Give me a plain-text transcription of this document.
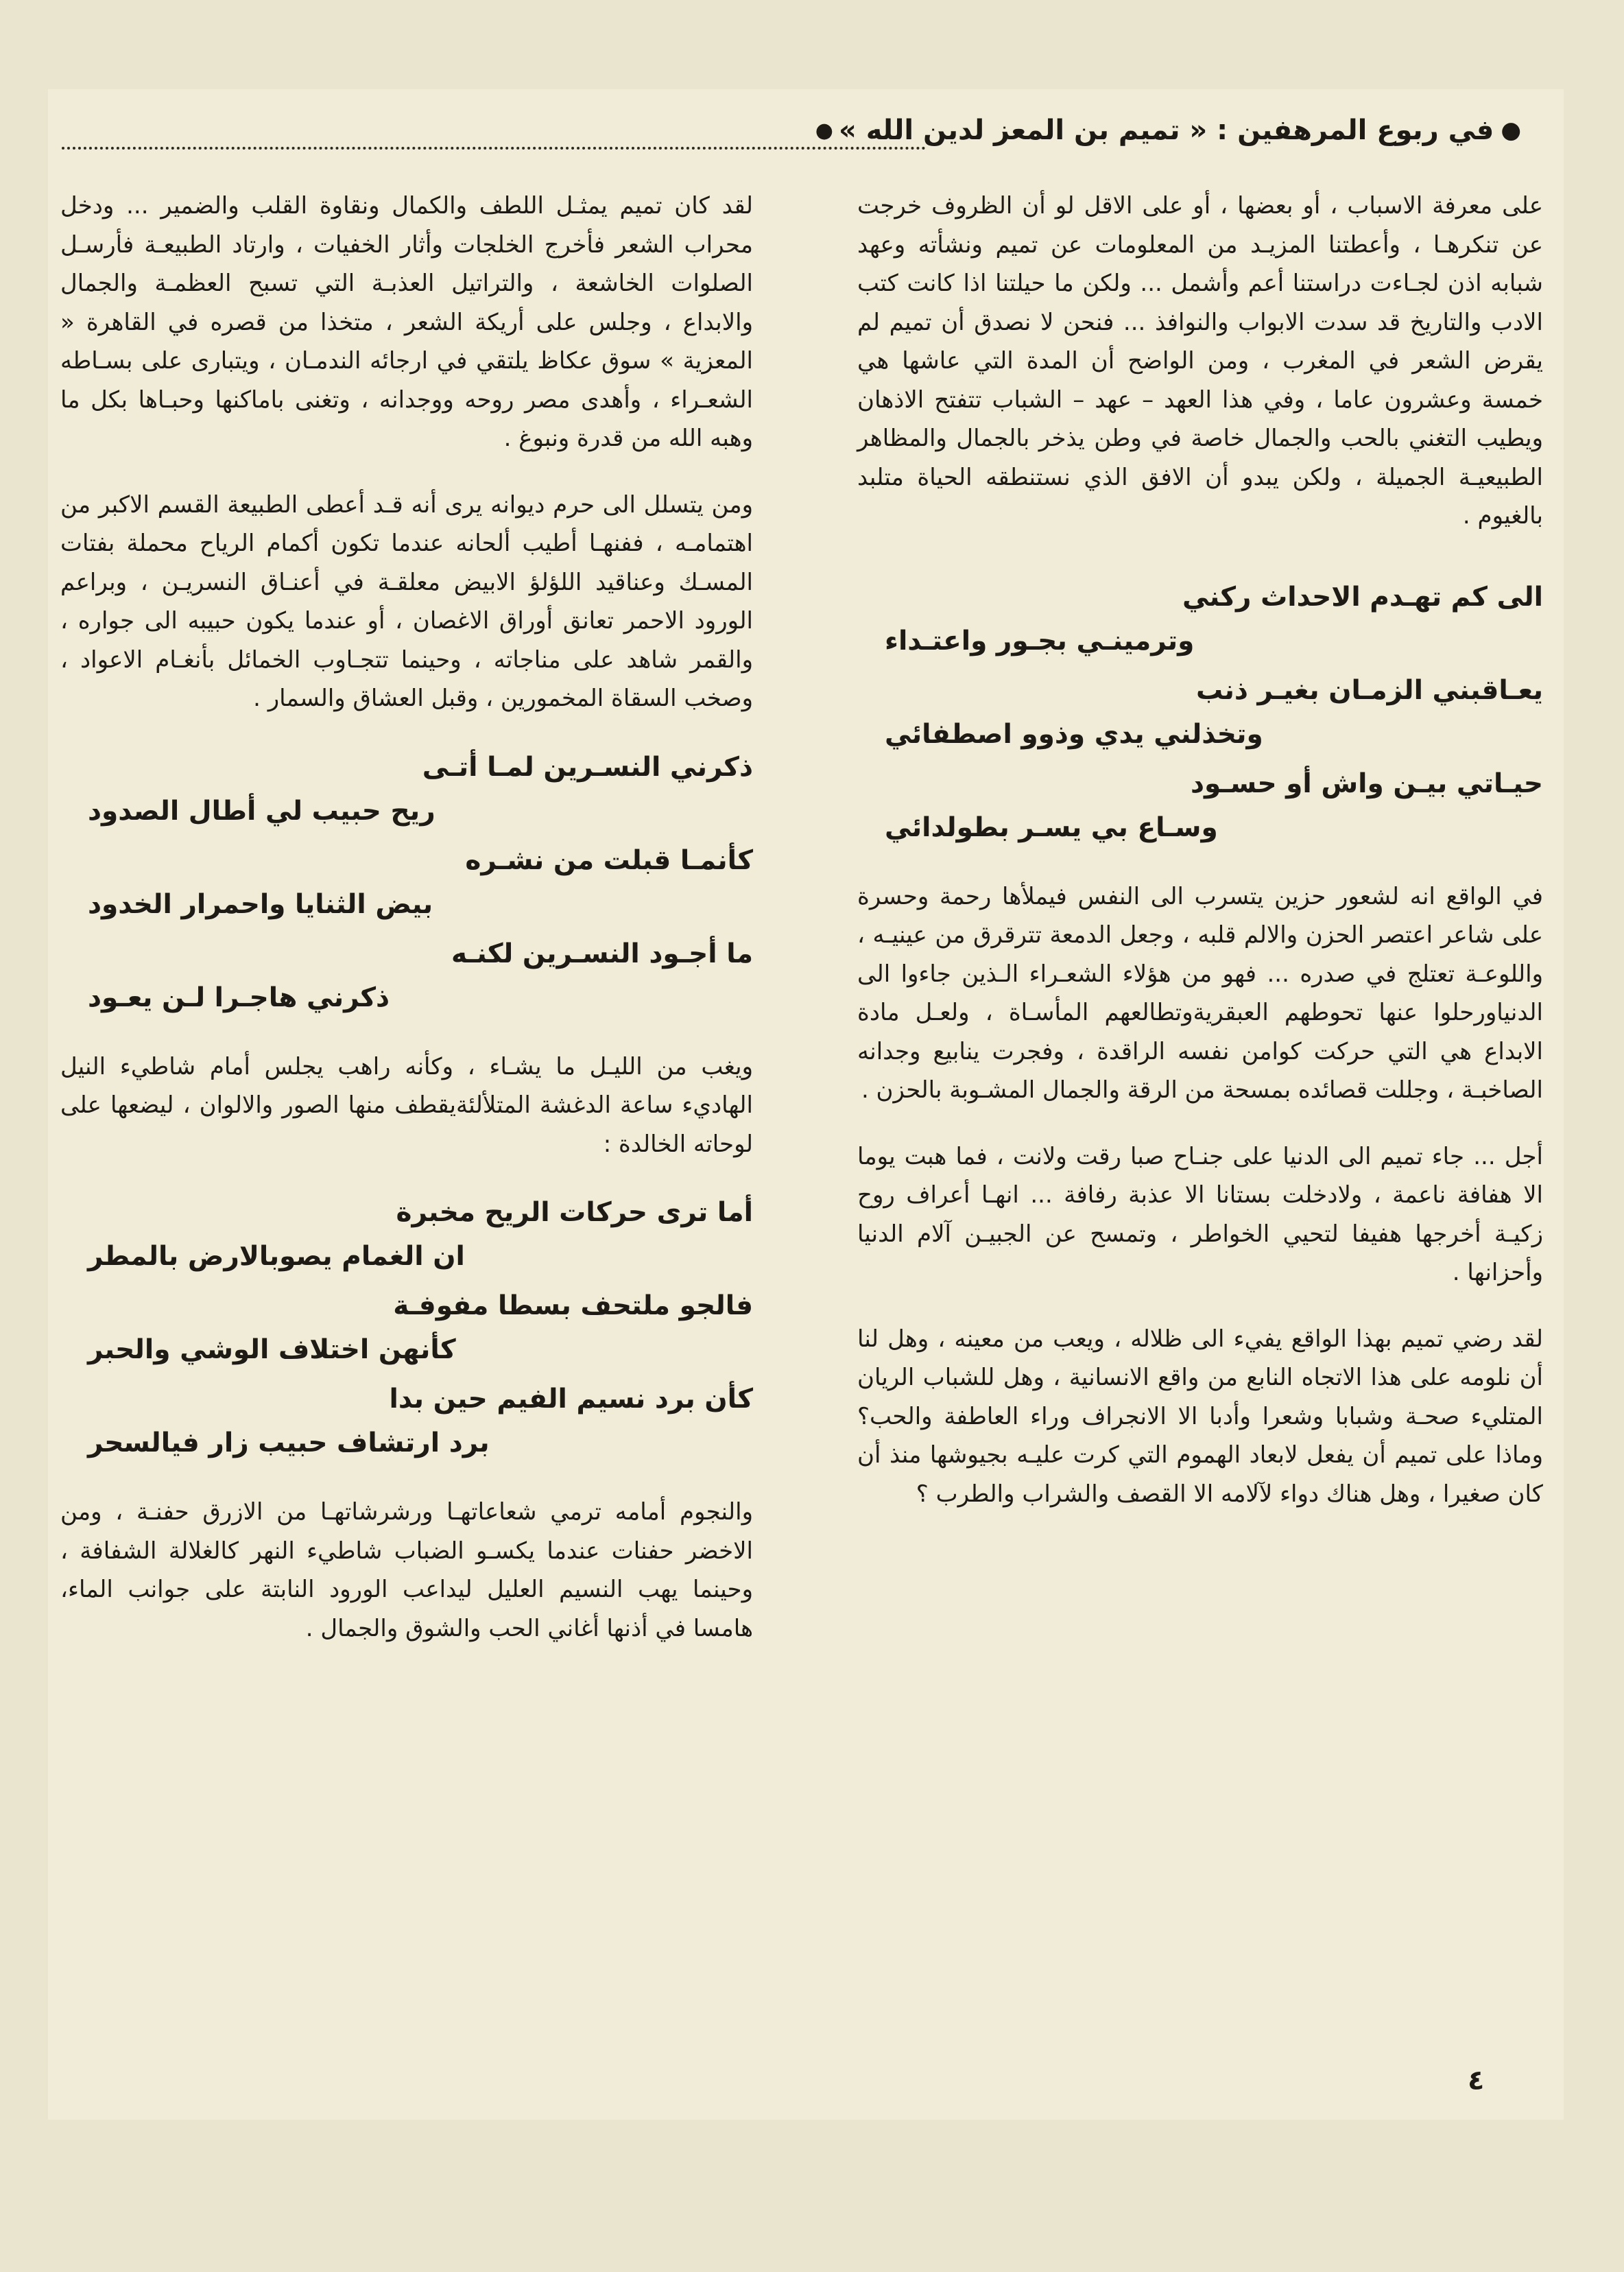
●
في ربوع المرهفين : « تميم بن المعز لدين الله »
●

على معرفة الاسباب ، أو بعضها ، أو على الاقل لو أن الظروف خرجت عن تنكرهـا ، وأعطتنا المزيـد من المعلومات عن تميم ونشأته وعهد شبابه اذن لجـاءت دراستنا أعم وأشمل ... ولكن ما حيلتنا اذا كانت كتب الادب والتاريخ قد سدت الابواب والنوافذ ... فنحن لا نصدق أن تميم لم يقرض الشعر في المغرب ، ومن الواضح أن المدة التي عاشها هي خمسة وعشرون عاما ، وفي هذا العهد – عهد – الشباب تتفتح الاذهان ويطيب التغني بالحب والجمال خاصة في وطن يذخر بالجمال والمظاهر الطبيعيـة الجميلة ، ولكن يبدو أن الافق الذي نستنطقه الحياة متلبد بالغيوم .

الى كم تهـدم الاحداث ركني

وترمينـي بجـور واعتـداء

يعـاقبني الزمـان بغيـر ذنب

وتخذلني يدي وذوو اصطفائي

حيـاتي بيـن واش أو حسـود

وسـاع بي يسـر بطولدائي

في الواقع انه لشعور حزين يتسرب الى النفس فيملأها رحمة وحسرة على شاعر اعتصر الحزن والالم قلبه ، وجعل الدمعة تترقرق من عينيـه ، واللوعـة تعتلج في صدره ... فهو من هؤلاء الشعـراء الـذين جاءوا الى الدنياورحلوا عنها تحوطهم العبقريةوتطالعهم المأسـاة ، ولعـل مادة الابداع هي التي حركت كوامن نفسه الراقدة ، وفجرت ينابيع وجدانه الصاخبـة ، وجللت قصائده بمسحة من الرقة والجمال المشـوبة بالحزن .

أجل ... جاء تميم الى الدنيا على جنـاح صبا رقت ولانت ، فما هبت يوما الا هفافة ناعمة ، ولادخلت بستانا الا عذبة رفافة ... انهـا أعراف روح زكيـة أخرجها هفيفا لتحيي الخواطر ، وتمسح عن الجبيـن آلام الدنيا وأحزانها .

لقد رضي تميم بهذا الواقع يفيء الى ظلاله ، ويعب من معينه ، وهل لنا أن نلومه على هذا الاتجاه النابع من واقع الانسانية ، وهل للشباب الريان المتليء صحـة وشبابا وشعرا وأدبا الا الانجراف وراء العاطفة والحب؟ وماذا على تميم أن يفعل لابعاد الهموم التي كرت عليـه بجيوشها منذ أن كان صغيرا ، وهل هناك دواء لآلامه الا القصف والشراب والطرب ؟

لقد كان تميم يمثـل اللطف والكمال ونقاوة القلب والضمير ... ودخل محراب الشعر فأخرج الخلجات وأثار الخفيات ، وارتاد الطبيعـة فأرسـل الصلوات الخاشعة ، والتراتيل العذبـة التي تسبح العظمـة والجمال والابداع ، وجلس على أريكة الشعر ، متخذا من قصره في القاهرة « المعزية » سوق عكاظ يلتقي في ارجائه الندمـان ، ويتبارى على بسـاطه الشعـراء ، وأهدى مصر روحه ووجدانه ، وتغنى باماكنها وحبـاها بكل ما وهبه الله من قدرة ونبوغ .

ومن يتسلل الى حرم ديوانه يرى أنه قـد أعطى الطبيعة القسم الاكبر من اهتمامـه ، ففنهـا أطيب ألحانه عندما تكون أكمام الرياح محملة بفتات المسـك وعناقيد اللؤلؤ الابيض معلقـة في أعنـاق النسريـن ، وبراعم الورود الاحمر تعانق أوراق الاغصان ، أو عندما يكون حبيبه الى جواره ، والقمر شاهد على مناجاته ، وحينما تتجـاوب الخمائل بأنغـام الاعواد ، وصخب السقاة المخمورين ، وقبل العشاق والسمار .

ذكرني النسـرين لمـا أتـى

ريح حبيب لي أطال الصدود

كأنمـا قبلت من نشـره

بيض الثنايا واحمرار الخدود

ما أجـود النسـرين لكنـه

ذكرني هاجـرا لـن يعـود

ويغب من الليـل ما يشـاء ، وكأنه راهب يجلس أمام شاطيء النيل الهاديء ساعة الدغشة المتلألئةيقطف منها الصور والالوان ، ليضعها على لوحاته الخالدة :

أما ترى حركات الريح مخبرة

ان الغمام يصوبالارض بالمطر

فالجو ملتحف بسطا مفوفـة

كأنهن اختلاف الوشي والحبر

كأن برد نسيم الفيم حين بدا

برد ارتشاف حبيب زار فيالسحر

والنجوم أمامه ترمي شعاعاتهـا ورشرشاتهـا من الازرق حفنـة ، ومن الاخضر حفنات عندما يكسـو الضباب شاطيء النهر كالغلالة الشفافة ، وحينما يهب النسيم العليل ليداعب الورود النابتة على جوانب الماء، هامسا في أذنها أغاني الحب والشوق والجمال .

٤
